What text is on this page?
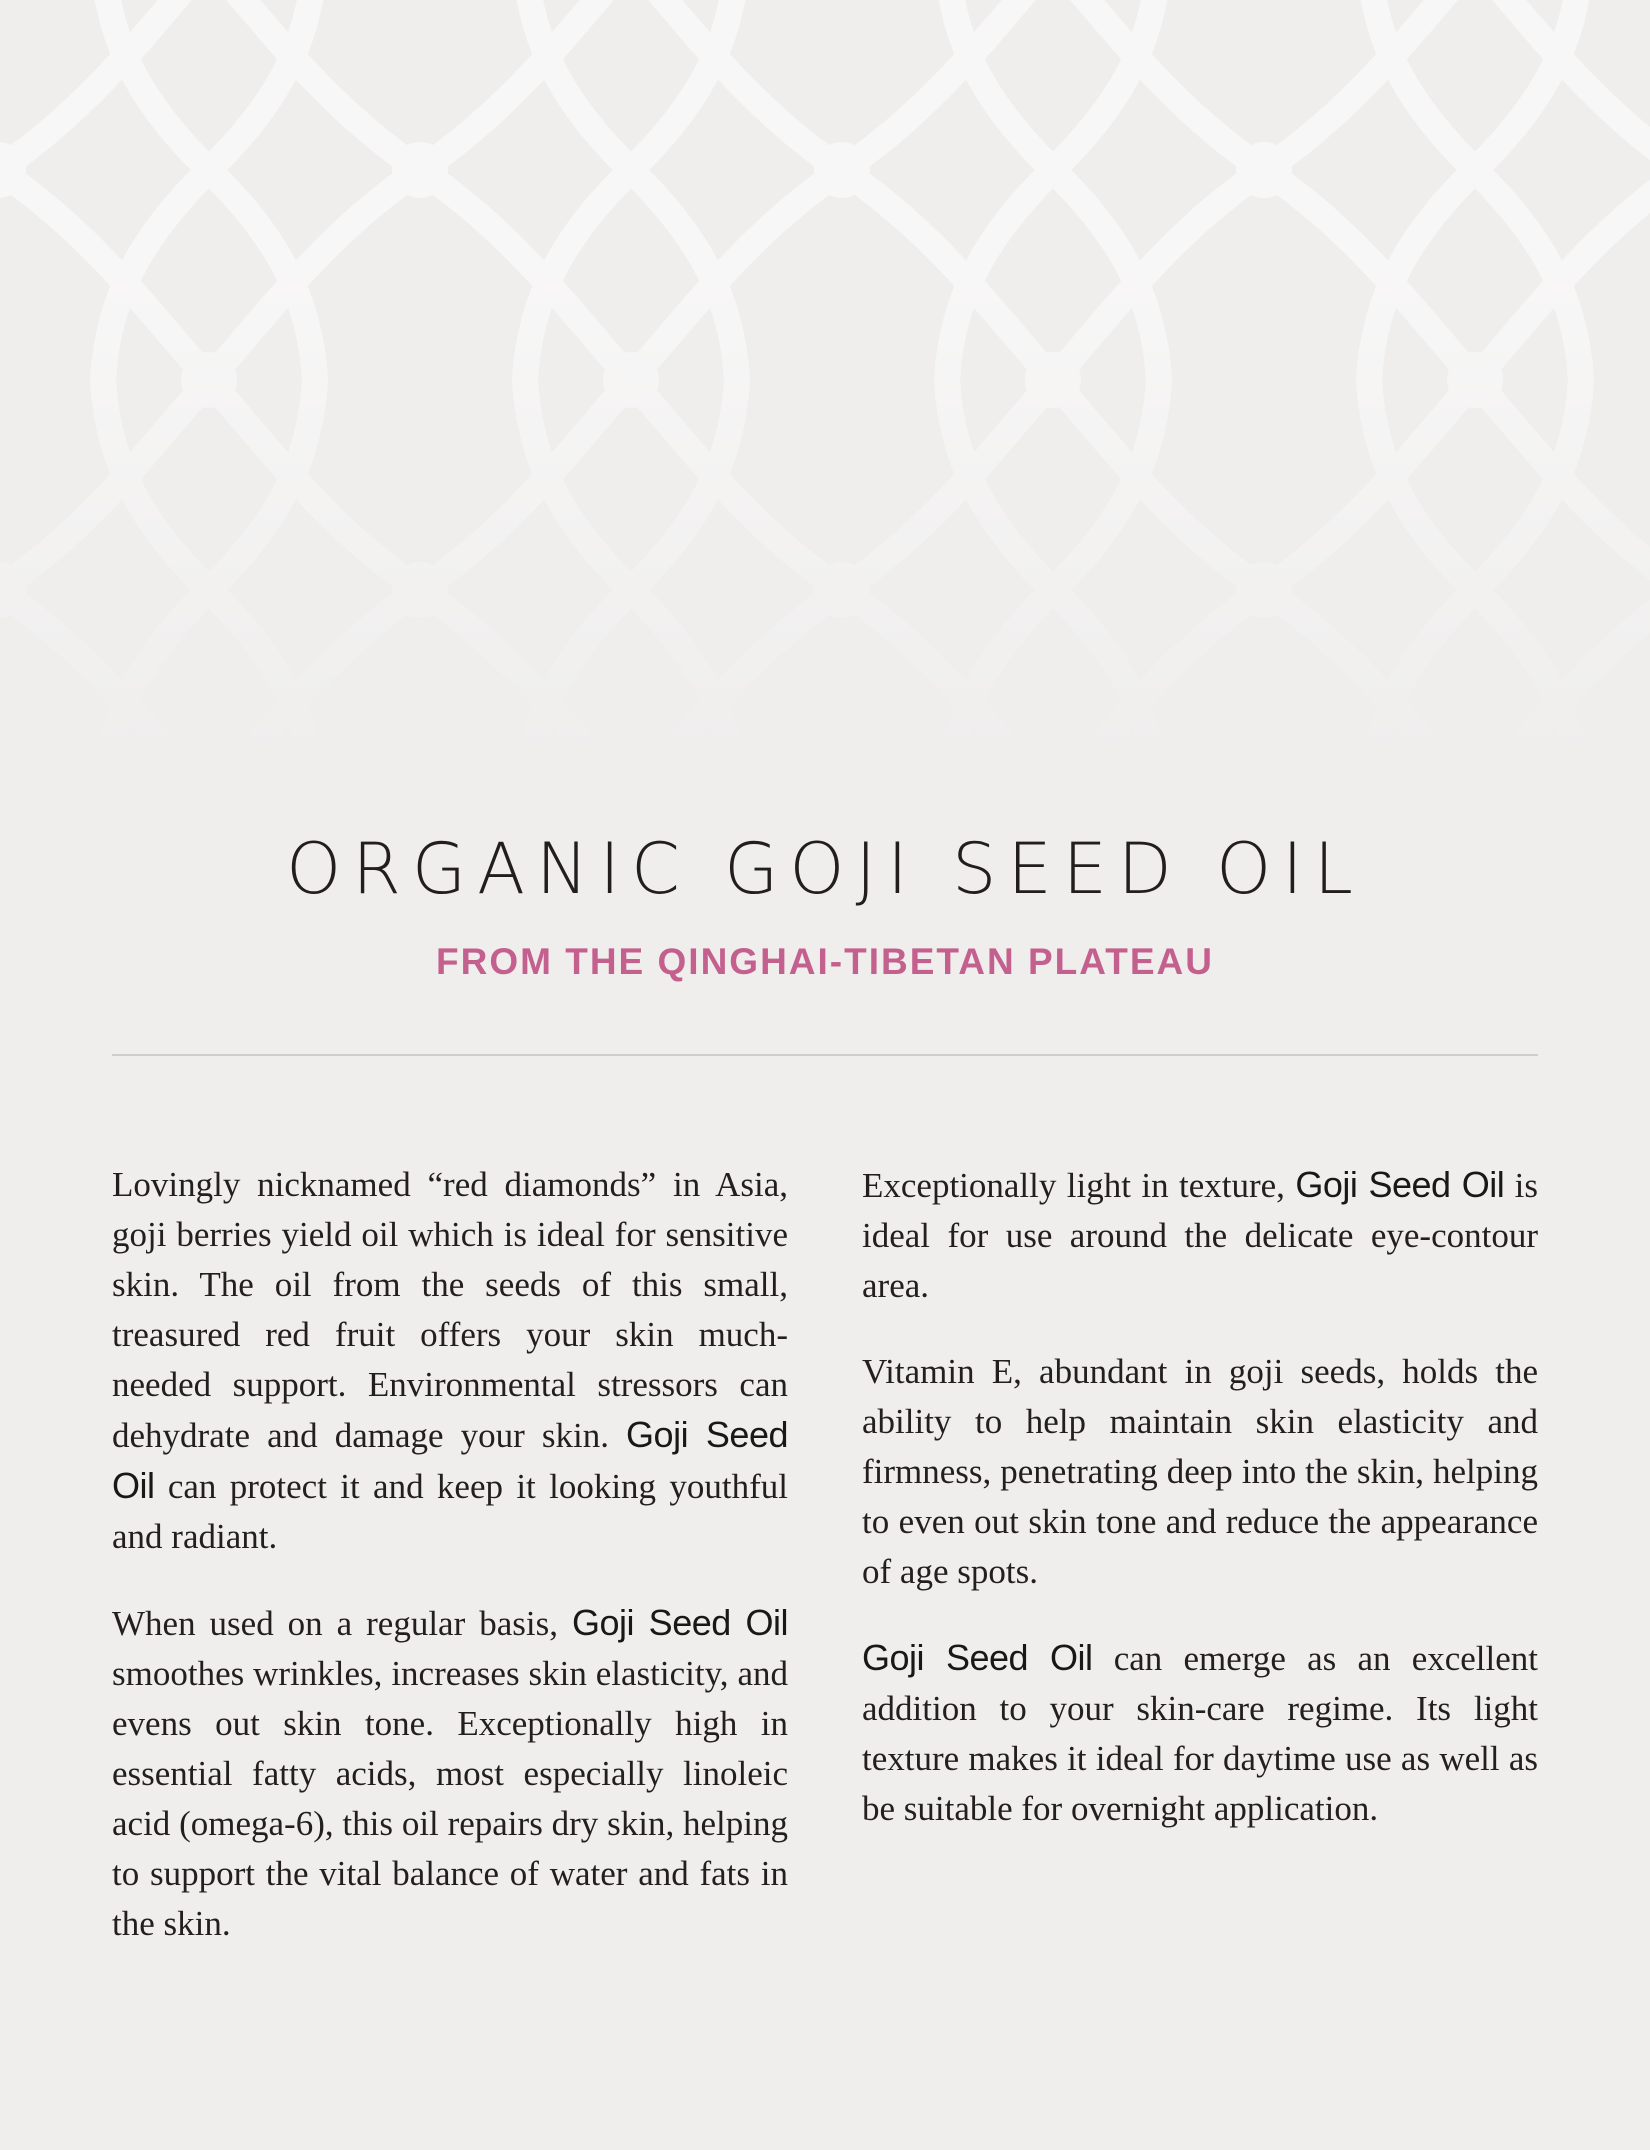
ORGANIC GOJI SEED OIL
FROM THE QINGHAI-TIBETAN PLATEAU

Lovingly nicknamed “red diamonds” in Asia, goji berries yield oil which is ideal for sensitive skin. The oil from the seeds of this small, treasured red fruit offers your skin much-needed support. Environmental stressors can dehydrate and damage your skin. Goji Seed Oil can protect it and keep it looking youthful and radiant.

When used on a regular basis, Goji Seed Oil smoothes wrinkles, increases skin elasticity, and evens out skin tone. Exceptionally high in essential fatty acids, most especially linoleic acid (omega-6), this oil repairs dry skin, helping to support the vital balance of water and fats in the skin.

Exceptionally light in texture, Goji Seed Oil is ideal for use around the delicate eye-contour area.

Vitamin E, abundant in goji seeds, holds the ability to help maintain skin elasticity and firmness, penetrating deep into the skin, helping to even out skin tone and reduce the appearance of age spots.

Goji Seed Oil can emerge as an excellent addition to your skin-care regime. Its light texture makes it ideal for daytime use as well as be suitable for overnight application.
